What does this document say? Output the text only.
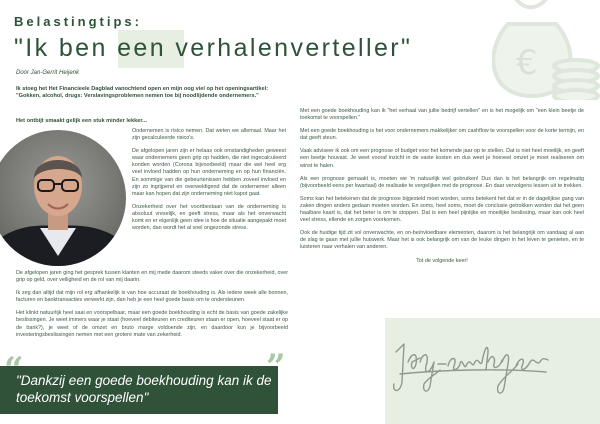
€
Belastingtips:
"Ik ben een verhalenverteller"
Door Jan-Gerrit Heijenk
Ik stoeg het Het Financieele Dagblad vanochtend open en mijn oog viel op het openingsartikel: "Gokken, alcohol, drugs: Verslavingsproblemen nemen toe bij noodlijdende ondernemers."
Het ontbijt smaakt gelijk een stuk minder lekker...

Ondernemen is risico nemen. Dat weten we allemaal. Maar het zijn gecalculeerde risico's.

De afgelopen jaren zijn er helaas ook omstandigheden geweest waar ondernemers geen grip op hadden, die niet ingecalculeerd konden worden (Corona bijvoorbeeld) maar die wel heel erg veel invloed hadden op hun onderneming en op hun financiën. En sommige van die gebeurtenissen hebben zoveel invloed en zijn zo ingrijpend en overweldigend dat de ondernemer alleen maar kan hopen dat zijn onderneming niet kapot gaat.

Onzekerheid over het voortbestaan van de onderneming is absoluut vreselijk, en geeft stress, maar als het onverwacht komt en er eigenlijk geen idee is hoe de situatie aangepakt moet worden, dan wordt het al snel ongezonde stress.

De afgelopen jaren ging het gesprek tussen klanten en mij mede daarom steeds vaker over die onzekerheid, over grip op geld, over veiligheid en de rol van mij daarin.

Ik zeg dan altijd dat mijn rol erg afhankelijk is van hoe accuraat de boekhouding is. Als iedere week alle bonnen, facturen en banktransacties verwerkt zijn, dan heb je een heel goede basis om te ondersteunen.

Het klinkt natuurlijk heel saai en voorspelbaar, maar een goede boekhouding is echt de basis van goede zakelijke beslissingen. Je weet immers waar je staat (hoeveel debiteuren en crediteuren staan er open, hoeveel staat er op de bank?), je weet of de omzet en bruto marge voldoende zijn, en daardoor kun je bijvoorbeeld investeringsbeslissingen nemen met een grotere mate van zekerheid.

Met een goede boekhouding kan ik "het verhaal van jullie bedrijf vertellen" en is het mogelijk om "een klein beetje de toekomst te voorspellen."

Met een goede boekhouding is het voor ondernemers makkelijker om cashflow te voorspellen voor de korte termijn, en dat geeft steun.

Vaak adviseer ik ook om een prognose of budget voor het komende jaar op te stellen. Dat is niet heel moeilijk, en geeft een beetje houvast. Je weet vooraf inzicht in de vaste kosten en dus weet je hoeveel omzet je moet realiseren om winst te halen.

Als een prognose gemaakt is, moeten we 'm natuurlijk wel gebruiken! Dus dan is het belangrijk om regelmatig (bijvoorbeeld eens per kwartaal) de realisatie te vergelijken met de prognose. En daar vervolgens lessen uit te trekken.

Soms kan het betekenen dat de prognose bijgesteld moet worden, soms betekent het dat er in de dagelijkse gang van zaken dingen anders gedaan moeten worden. En soms, heel soms, moet de conclusie getrokken worden dat het geen haalbare kaart is, dat het beter is om te stoppen. Dat is een heel pijnlijke en moeilijke beslissing, maar kan ook heel veel stress, ellende en zorgen voorkomen.

Ook de huidige tijd zit vol onverwachte, en on-beïnvloedbare elementen, daarom is het belangrijk om vandaag al aan de slag te gaan met jullie huiswerk. Maar het is ook belangrijk om van de leuke dingen in het leven te genieten, en te luisteren naar verhalen van anderen.

Tot de volgende keer!

“	”
"Dankzij een goede boekhouding kan ik de toekomst voorspellen"
